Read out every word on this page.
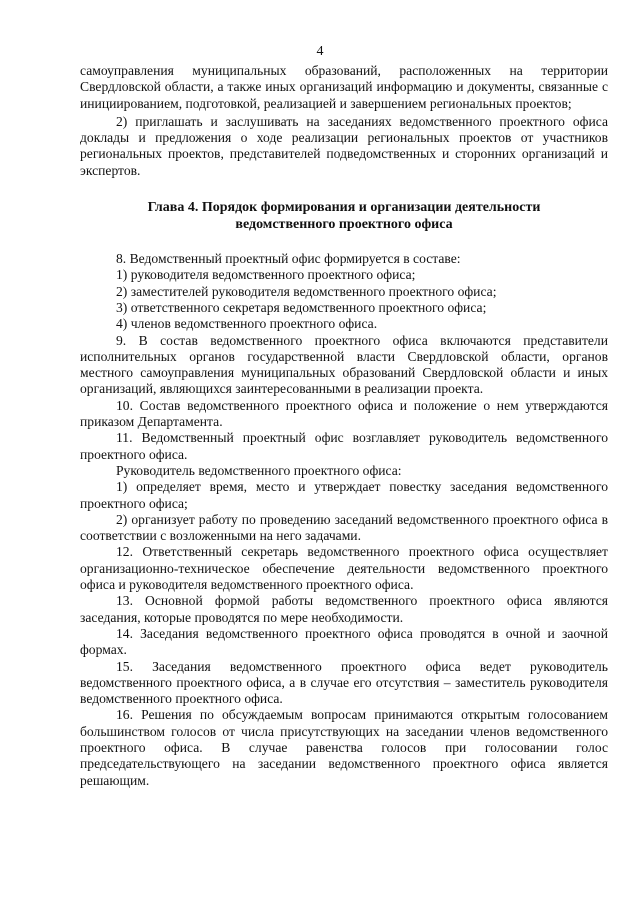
4

самоуправления муниципальных образований, расположенных на территории Свердловской области, а также иных организаций информацию и документы, связанные с инициированием, подготовкой, реализацией и завершением региональных проектов;

2) приглашать и заслушивать на заседаниях ведомственного проектного офиса доклады и предложения о ходе реализации региональных проектов от участников региональных проектов, представителей подведомственных и сторонних организаций и экспертов.

Глава 4. Порядок формирования и организации деятельности
ведомственного проектного офиса

8. Ведомственный проектный офис формируется в составе:

1) руководителя ведомственного проектного офиса;

2) заместителей руководителя ведомственного проектного офиса;

3) ответственного секретаря ведомственного проектного офиса;

4) членов ведомственного проектного офиса.

9. В состав ведомственного проектного офиса включаются представители исполнительных органов государственной власти Свердловской области, органов местного самоуправления муниципальных образований Свердловской области и иных организаций, являющихся заинтересованными в реализации проекта.

10. Состав ведомственного проектного офиса и положение о нем утверждаются приказом Департамента.

11. Ведомственный проектный офис возглавляет руководитель ведомственного проектного офиса.

Руководитель ведомственного проектного офиса:

1) определяет время, место и утверждает повестку заседания ведомственного проектного офиса;

2) организует работу по проведению заседаний ведомственного проектного офиса в соответствии с возложенными на него задачами.

12. Ответственный секретарь ведомственного проектного офиса осуществляет организационно-техническое обеспечение деятельности ведомственного проектного офиса и руководителя ведомственного проектного офиса.

13. Основной формой работы ведомственного проектного офиса являются заседания, которые проводятся по мере необходимости.

14. Заседания ведомственного проектного офиса проводятся в очной и заочной формах.

15. Заседания ведомственного проектного офиса ведет руководитель ведомственного проектного офиса, а в случае его отсутствия – заместитель руководителя ведомственного проектного офиса.

16. Решения по обсуждаемым вопросам принимаются открытым голосованием большинством голосов от числа присутствующих на заседании членов ведомственного проектного офиса. В случае равенства голосов при голосовании голос председательствующего на заседании ведомственного проектного офиса является решающим.
